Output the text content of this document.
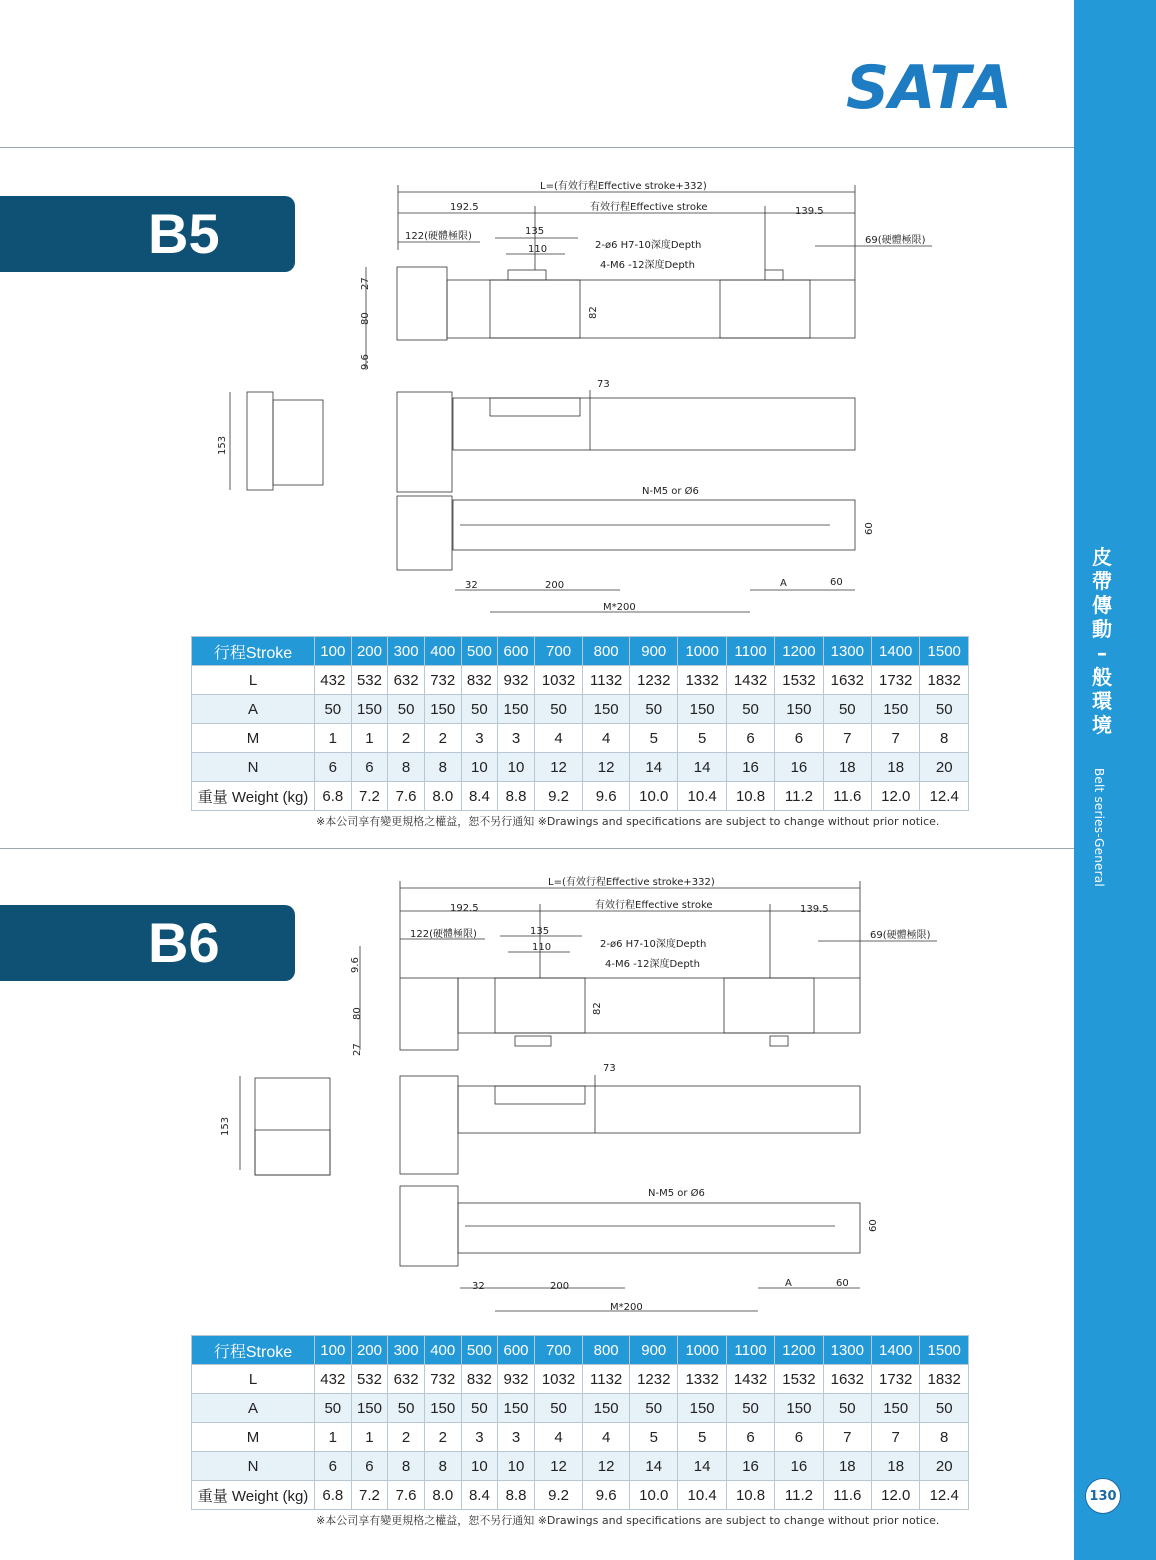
SATA
皮
帶
傳
動
–
般
環
境
Belt series-General
130
B5
B6
L=(有效行程Effective stroke+332)
192.5	有效行程Effective stroke	139.5
122(硬體極限)	135
110	2-ø6 H7-10深度Depth
4-M6 -12深度Depth
69(硬體極限)
27
80
9.6
82
153
73
N-M5 or Ø6
60
32	200	A	60
M*200
行程Stroke	100	200	300	400	500	600	700	800	900	1000	1100	1200	1300	1400	1500
L	432	532	632	732	832	932	1032	1132	1232	1332	1432	1532	1632	1732	1832
A	50	150	50	150	50	150	50	150	50	150	50	150	50	150	50
M	1	1	2	2	3	3	4	4	5	5	6	6	7	7	8
N	6	6	8	8	10	10	12	12	14	14	16	16	18	18	20
重量 Weight (kg)	6.8	7.2	7.6	8.0	8.4	8.8	9.2	9.6	10.0	10.4	10.8	11.2	11.6	12.0	12.4
※本公司享有變更規格之權益，恕不另行通知 ※Drawings and specifications are subject to change without prior notice.
L=(有效行程Effective stroke+332)
192.5	有效行程Effective stroke	139.5
122(硬體極限)	135
110	2-ø6 H7-10深度Depth
4-M6 -12深度Depth
69(硬體極限)
9.6
80
27
82
153
73
N-M5 or Ø6
60
32	200	A	60
M*200
行程Stroke	100	200	300	400	500	600	700	800	900	1000	1100	1200	1300	1400	1500
L	432	532	632	732	832	932	1032	1132	1232	1332	1432	1532	1632	1732	1832
A	50	150	50	150	50	150	50	150	50	150	50	150	50	150	50
M	1	1	2	2	3	3	4	4	5	5	6	6	7	7	8
N	6	6	8	8	10	10	12	12	14	14	16	16	18	18	20
重量 Weight (kg)	6.8	7.2	7.6	8.0	8.4	8.8	9.2	9.6	10.0	10.4	10.8	11.2	11.6	12.0	12.4
※本公司享有變更規格之權益，恕不另行通知 ※Drawings and specifications are subject to change without prior notice.
